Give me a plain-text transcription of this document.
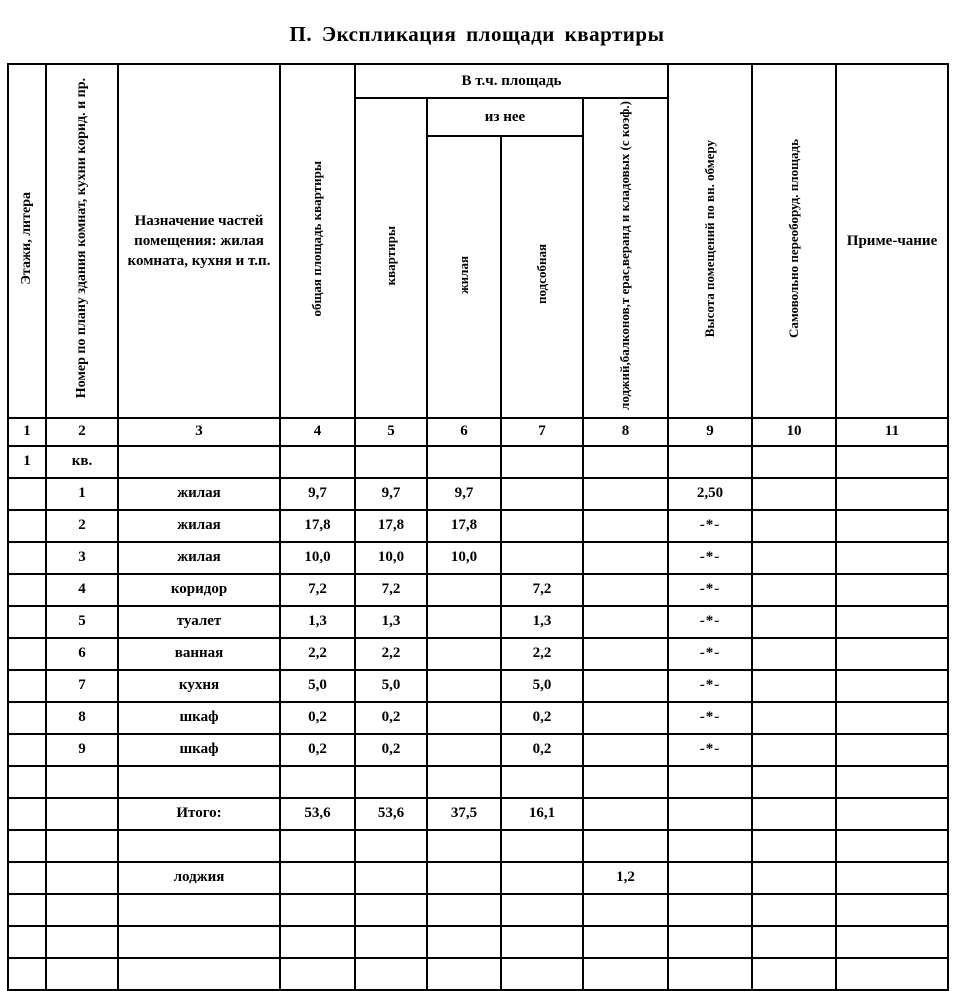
П. Экспликация площади квартиры
Этажи, литера	Номер по плану здания комнат, кухни корид. и пр.	Назначение частей помещения: жилая комната, кухня и т.п.	общая площадь квартиры	В т.ч. площадь				Высота помещений по вн. обмеру	Самовольно переоборуд. площадь	Приме-чание
				квартиры	из нее		лоджий,балконов,т ерас,веранд и кладовых (с коэф.)			
					жилая	подсобная				
1	2	3	4	5	6	7	8	9	10	11
1	кв.									
	1	жилая	9,7	9,7	9,7			2,50		
	2	жилая	17,8	17,8	17,8			-*-		
	3	жилая	10,0	10,0	10,0			-*-		
	4	коридор	7,2	7,2		7,2		-*-		
	5	туалет	1,3	1,3		1,3		-*-		
	6	ванная	2,2	2,2		2,2		-*-		
	7	кухня	5,0	5,0		5,0		-*-		
	8	шкаф	0,2	0,2		0,2		-*-		
	9	шкаф	0,2	0,2		0,2		-*-		

		Итого:	53,6	53,6	37,5	16,1				

		лоджия					1,2			
